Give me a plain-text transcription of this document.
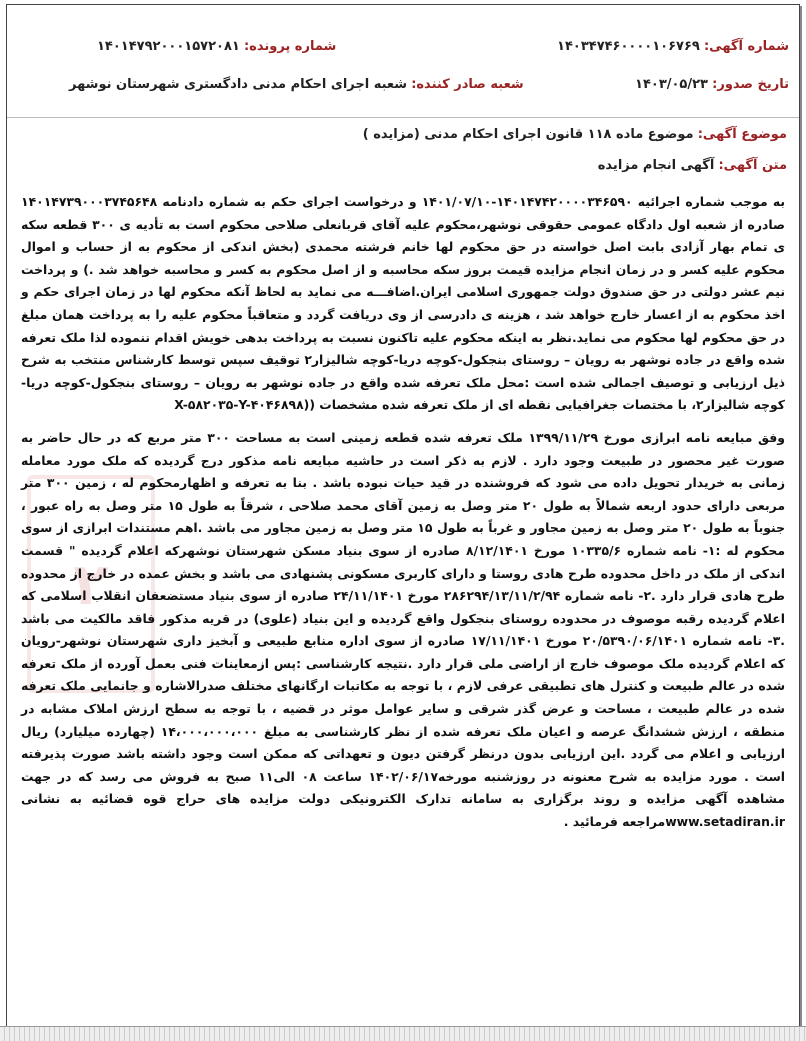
شماره آگهی: ۱۴۰۳۴۷۴۶۰۰۰۰۱۰۶۷۶۹
شماره پرونده: ۱۴۰۱۴۷۹۲۰۰۰۱۵۷۲۰۸۱
تاریخ صدور: ۱۴۰۳/۰۵/۲۳
شعبه صادر کننده: شعبه اجرای احکام مدنی دادگستری شهرستان نوشهر
موضوع آگهی: موضوع ماده ۱۱۸ قانون اجرای احکام مدنی (مزایده )
متن آگهی: آگهی انجام مزایده
۲

به موجب شماره اجرائیه ۱۴۰۱۴۷۴۲۰۰۰۰۳۴۶۵۹۰-۱۴۰۱/۰۷/۱۰ و درخواست اجرای حکم به شماره دادنامه ۱۴۰۱۴۷۳۹۰۰۰۳۷۴۵۶۴۸ صادره از شعبه اول دادگاه عمومی حقوقی نوشهر،محکوم علیه آقای قربانعلی صلاحی محکوم است به تأدیه ی ۳۰۰ قطعه سکه ی تمام بهار آزادی بابت اصل خواسته در حق محکوم لها خانم فرشته محمدی (بخش اندکی از محکوم به از حساب و اموال محکوم علیه کسر و در زمان انجام مزایده قیمت بروز سکه محاسبه و از اصل محکوم به کسر و محاسبه خواهد شد .) و پرداخت نیم عشر دولتی در حق صندوق دولت جمهوری اسلامی ایران.اضافـــه می نماید به لحاظ آنکه محکوم لها در زمان اجرای حکم و اخذ محکوم به از اعسار خارج خواهد شد ، هزینه ی دادرسی از وی دریافت گردد و متعاقباً محکوم علیه را به پرداخت همان مبلغ در حق محکوم لها محکوم می نماید.نظر به اینکه محکوم علیه تاکنون نسبت به پرداخت بدهی خویش اقدام ننموده لذا ملک تعرفه شده واقع در جاده نوشهر به رویان – روستای بنجکول-کوچه دریا-کوچه شالیزار۲ توقیف سپس توسط کارشناس منتخب به شرح ذیل ارزیابی و توصیف اجمالی شده است :محل ملک تعرفه شده واقع در جاده نوشهر به رویان – روستای بنجکول-کوچه دریا-کوچه شالیزار۲، با مختصات جغرافیایی نقطه ای از ملک تعرفه شده مشخصات ((X-۵۸۲۰۳۵-Y-۴۰۴۶۸۹۸

وفق مبایعه نامه ابرازی مورخ ۱۳۹۹/۱۱/۲۹ ملک تعرفه شده قطعه زمینی است به مساحت ۳۰۰ متر مربع که در حال حاضر به صورت غیر محصور در طبیعت وجود دارد . لازم به ذکر است در حاشیه مبایعه نامه مذکور درج گردیده که ملک مورد معامله زمانی به خریدار تحویل داده می شود که فروشنده در قید حیات نبوده باشد . بنا به تعرفه و اظهارمحکوم له ، زمین ۳۰۰ متر مربعی دارای حدود اربعه شمالاً به طول ۲۰ متر وصل به زمین آقای محمد صلاحی ، شرقاً به طول ۱۵ متر وصل به راه عبور ، جنوباً به طول ۲۰ متر وصل به زمین مجاور و غرباً به طول ۱۵ متر وصل به زمین مجاور می باشد .اهم مستندات ابرازی از سوی محکوم له :۱- نامه شماره ۱۰۳۳۵/۶ مورخ ۸/۱۲/۱۴۰۱ صادره از سوی بنیاد مسکن شهرستان نوشهرکه اعلام گردیده " قسمت اندکی از ملک در داخل محدوده طرح هادی روستا و دارای کاربری مسکونی پشنهادی می باشد و بخش عمده در خارج از محدوده طرح هادی قرار دارد .۲- نامه شماره ۲۸۶۲۹۴/۱۳/۱۱/۲/۹۴ مورخ ۲۴/۱۱/۱۴۰۱ صادره از سوی بنیاد مستضعفان انقلاب اسلامی که اعلام گردیده رقبه موصوف در محدوده روستای بنجکول واقع گردیده و این بنیاد (علوی) در قریه مذکور فاقد مالکیت می باشد .۳- نامه شماره ۲۰/۵۳۹۰/۰۶/۱۴۰۱ مورخ ۱۷/۱۱/۱۴۰۱ صادره از سوی اداره منابع طبیعی و آبخیز داری شهرستان نوشهر-رویان که اعلام گردیده ملک موصوف خارج از اراضی ملی قرار دارد .نتیجه کارشناسی :پس ازمعاینات فنی بعمل آورده از ملک تعرفه شده در عالم طبیعت و کنترل های تطبیقی عرفی لازم ، با توجه به مکاتبات ارگانهای مختلف صدرالاشاره و جانمایی ملک تعرفه شده در عالم طبیعت ، مساحت و عرض گذر شرقی و سایر عوامل موثر در قضیه ، با توجه به سطح ارزش املاک مشابه در منطقه ، ارزش ششدانگ عرصه و اعیان ملک تعرفه شده از نظر کارشناسی به مبلغ ۱۴،۰۰۰،۰۰۰،۰۰۰ (چهارده میلیارد) ریال ارزیابی و اعلام می گردد .این ارزیابی بدون درنظر گرفتن دیون و تعهداتی که ممکن است وجود داشته باشد صورت پذیرفته است . مورد مزایده به شرح معنونه در روزشنبه مورخه۱۴۰۲/۰۶/۱۷ ساعت ۰۸ الی۱۱ صبح به فروش می رسد که در جهت مشاهده آگهی مزایده و روند برگزاری به سامانه تدارک الکترونیکی دولت مزایده های حراج قوه قضائیه به نشانی www.setadiran.irمراجعه فرمائید .
